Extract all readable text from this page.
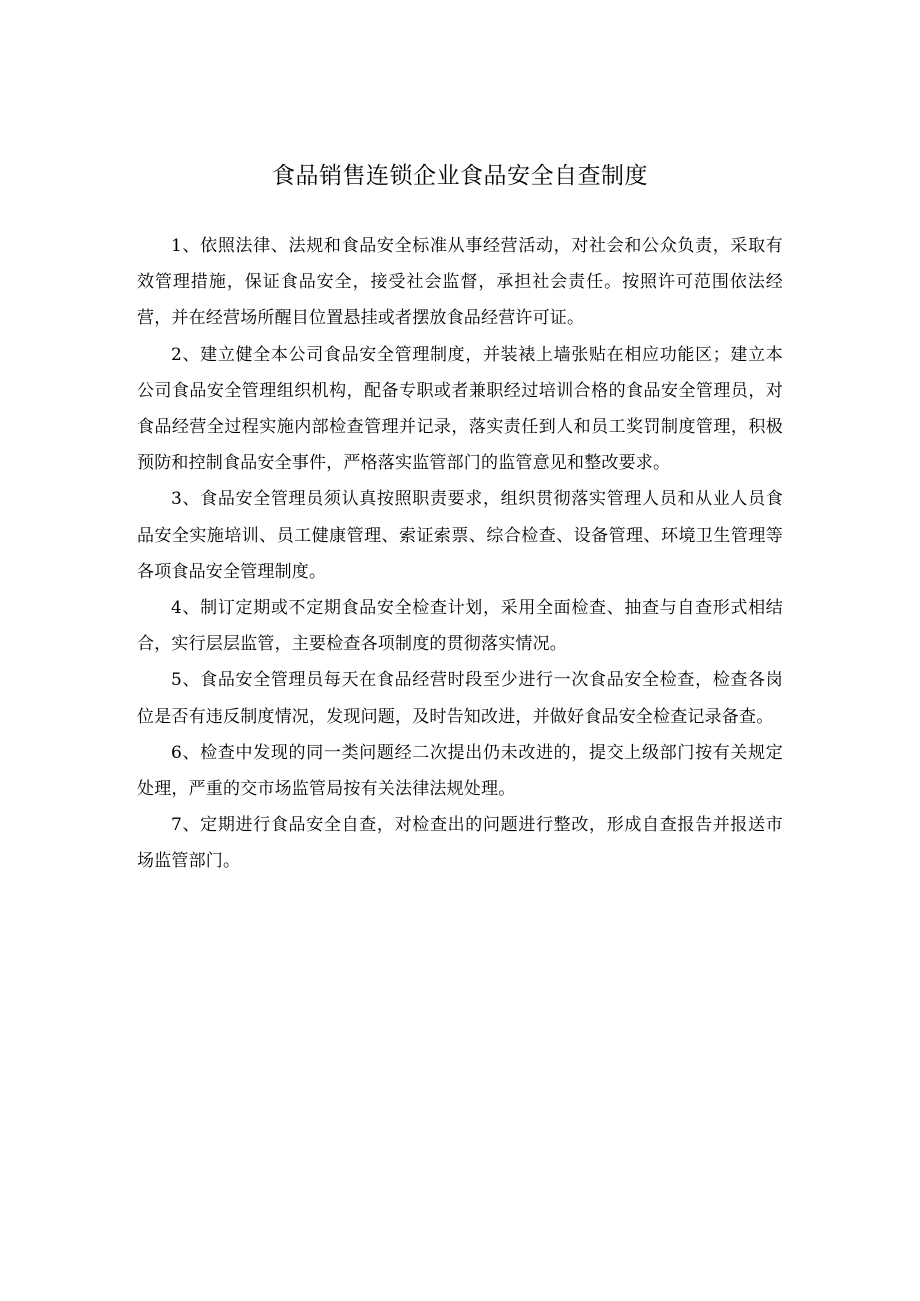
食品销售连锁企业食品安全自查制度

1、依照法律、法规和食品安全标准从事经营活动，对社会和公众负责，采取有效管理措施，保证食品安全，接受社会监督，承担社会责任。按照许可范围依法经营，并在经营场所醒目位置悬挂或者摆放食品经营许可证。

2、建立健全本公司食品安全管理制度，并装裱上墙张贴在相应功能区；建立本公司食品安全管理组织机构，配备专职或者兼职经过培训合格的食品安全管理员，对食品经营全过程实施内部检查管理并记录，落实责任到人和员工奖罚制度管理，积极预防和控制食品安全事件，严格落实监管部门的监管意见和整改要求。

3、食品安全管理员须认真按照职责要求，组织贯彻落实管理人员和从业人员食品安全实施培训、员工健康管理、索证索票、综合检查、设备管理、环境卫生管理等各项食品安全管理制度。

4、制订定期或不定期食品安全检查计划，采用全面检查、抽查与自查形式相结合，实行层层监管，主要检查各项制度的贯彻落实情况。

5、食品安全管理员每天在食品经营时段至少进行一次食品安全检查，检查各岗位是否有违反制度情况，发现问题，及时告知改进，并做好食品安全检查记录备查。

6、检查中发现的同一类问题经二次提出仍未改进的，提交上级部门按有关规定处理，严重的交市场监管局按有关法律法规处理。

7、定期进行食品安全自查，对检查出的问题进行整改，形成自查报告并报送市场监管部门。
